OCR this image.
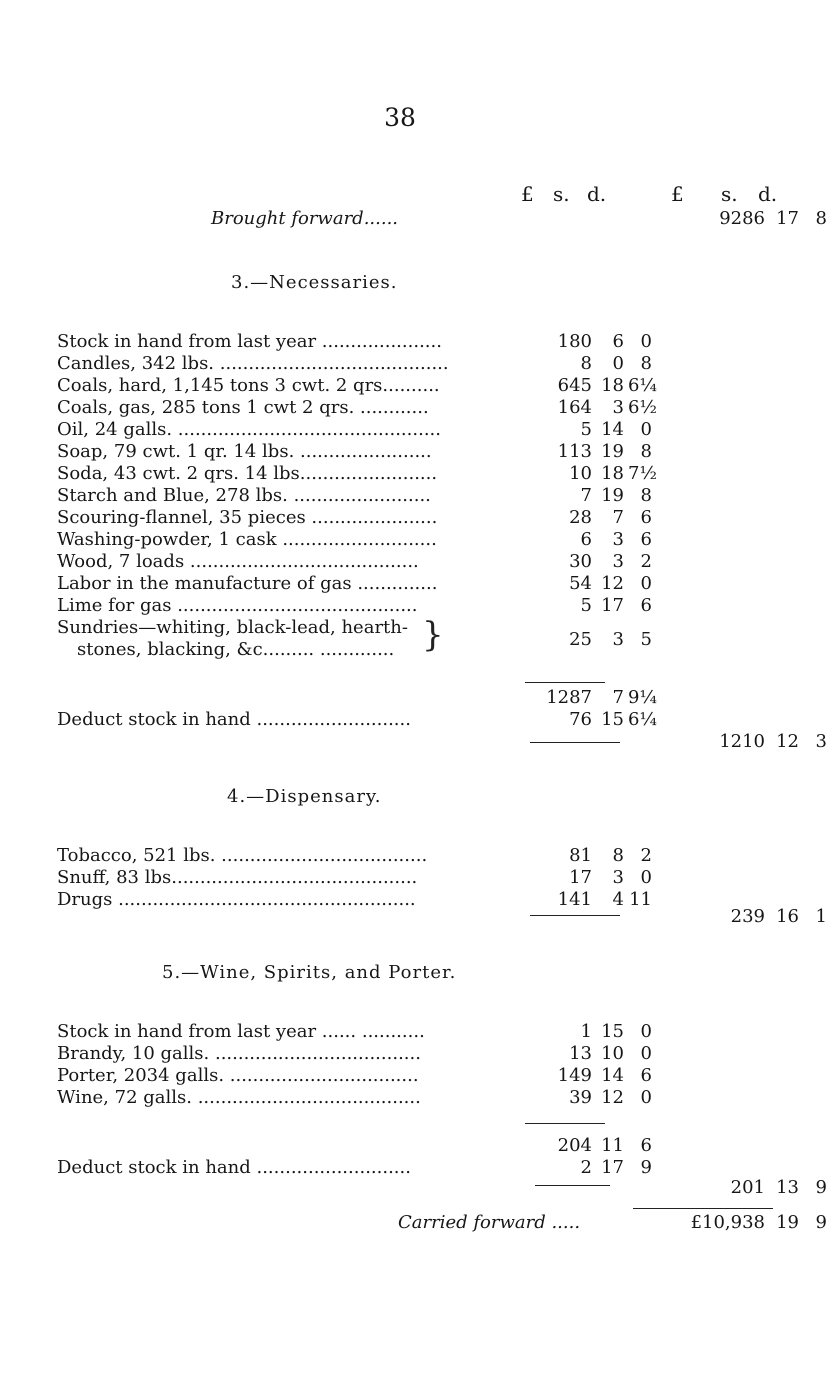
38
£ s. d.	£ s. d.
Brought forward......	9286 17 8
3.—Necessaries.
Stock in hand from last year .....................	180	6 0
Candles, 342 lbs. ........................................	8	0 8
Coals, hard, 1,145 tons 3 cwt. 2 qrs..........	645 18 6¼
Coals, gas, 285 tons 1 cwt 2 qrs. ............	164	3 6½
Oil, 24 galls. ..............................................	5 14 0
Soap, 79 cwt. 1 qr. 14 lbs. .......................	113 19 8
Soda, 43 cwt. 2 qrs. 14 lbs........................	10 18 7½
Starch and Blue, 278 lbs. ........................	7 19 8
Scouring-flannel, 35 pieces ......................	28	7 6
Washing-powder, 1 cask ...........................	6	3 6
Wood, 7 loads ........................................	30	3 2
Labor in the manufacture of gas ..............	54 12 0
Lime for gas ..........................................	5 17 6
Sundries—whiting, black-lead, hearth-
stones, blacking, &c......... ............. }	25	3 5
1287	7 9¼
Deduct stock in hand ...........................	76 15 6¼
1210 12 3
4.—Dispensary.
Tobacco, 521 lbs. ....................................	81	8 2
Snuff, 83 lbs...........................................	17	3 0
Drugs ....................................................	141	4 11
239 16 1
5.—Wine, Spirits, and Porter.
Stock in hand from last year ...... ...........	1 15 0
Brandy, 10 galls. ....................................	13 10 0
Porter, 2034 galls. .................................	149 14 6
Wine, 72 galls. .......................................	39 12 0
204 11 6
Deduct stock in hand ...........................	2 17 9
201 13 9
Carried forward .....	£10,938 19 9
